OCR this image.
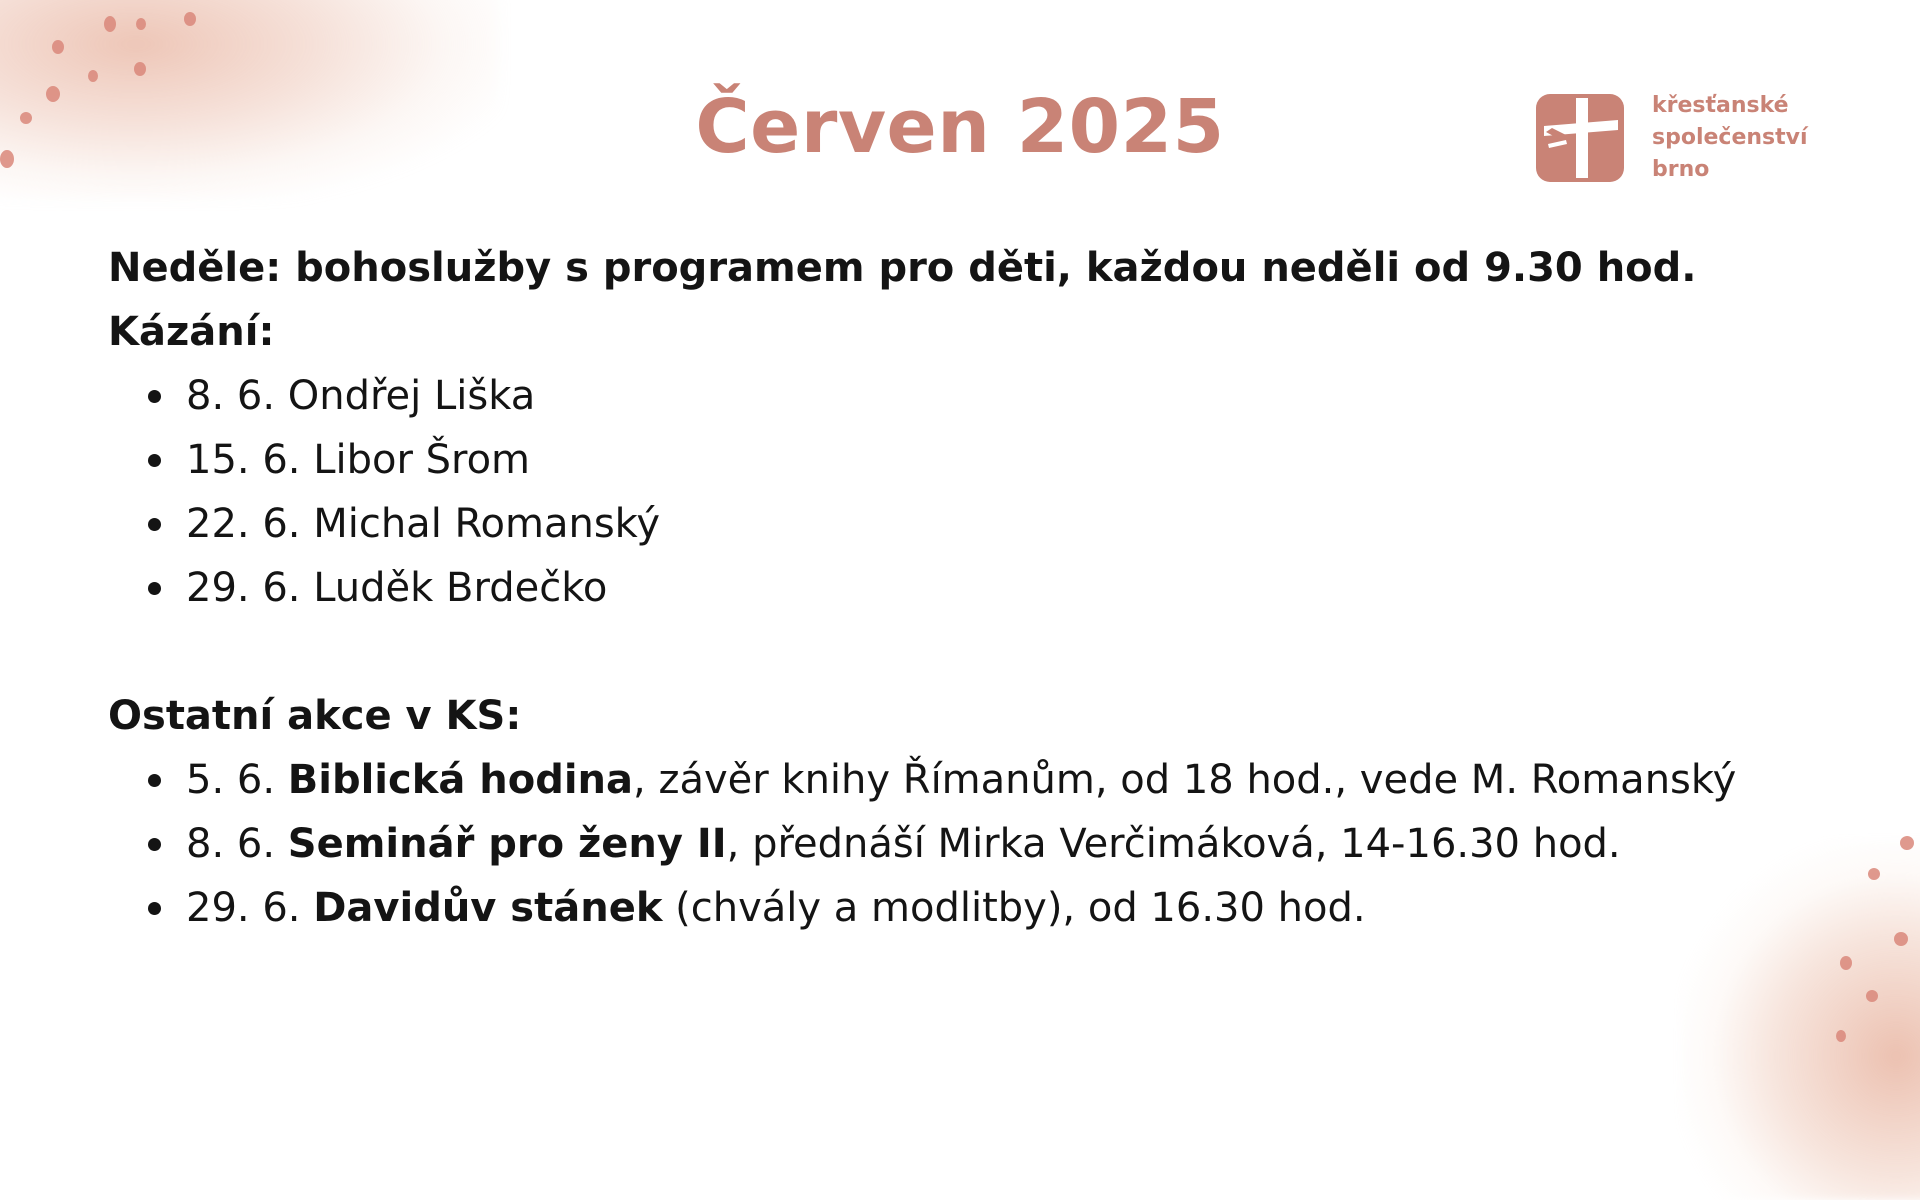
Červen 2025	křesťanské
společenství
brno

Neděle: bohoslužby s programem pro děti, každou neděli od 9.30 hod.

Kázání:

8. 6. Ondřej Liška
15. 6. Libor Šrom
22. 6. Michal Romanský
29. 6. Luděk Brdečko

Ostatní akce v KS:

5. 6. Biblická hodina, závěr knihy Římanům, od 18 hod., vede M. Romanský
8. 6. Seminář pro ženy II, přednáší Mirka Verčimáková, 14-16.30 hod.
29. 6. Davidův stánek (chvály a modlitby), od 16.30 hod.
